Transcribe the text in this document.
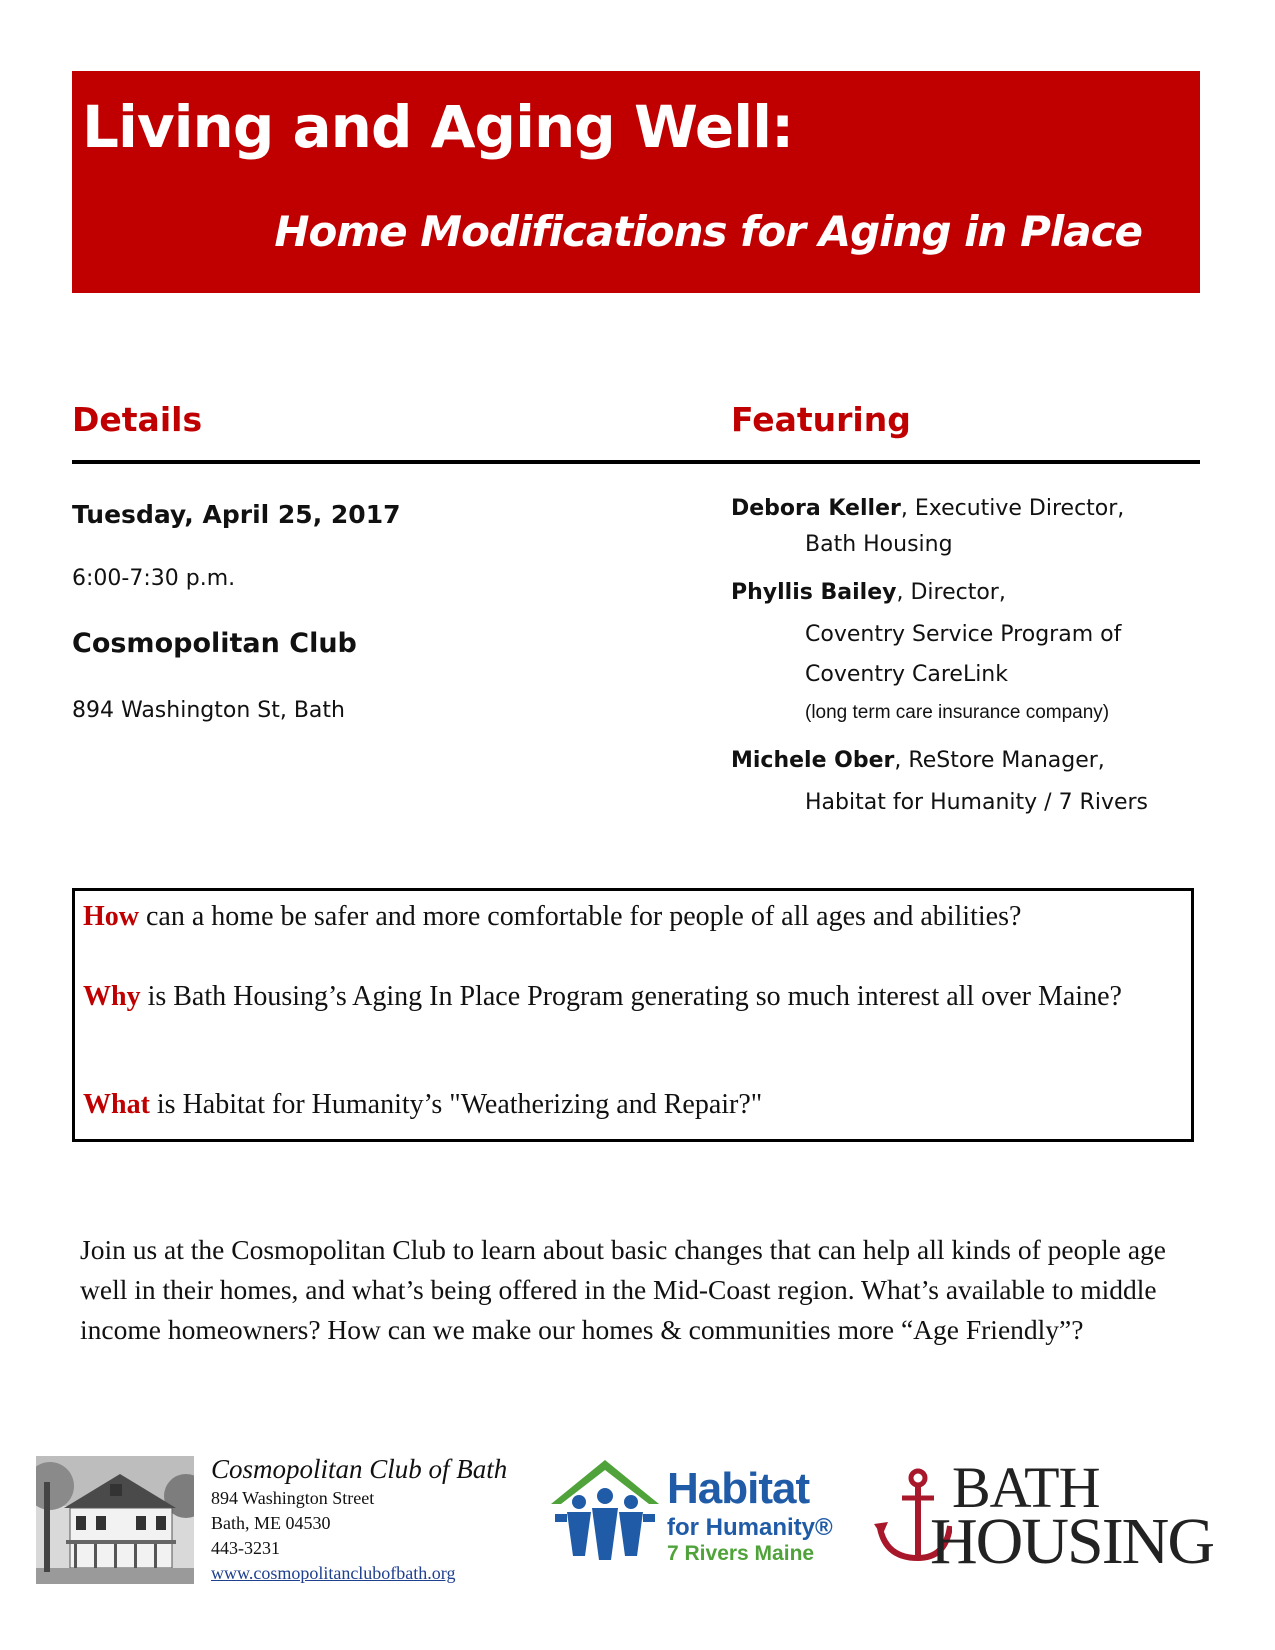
Living and Aging Well:
Home Modifications for Aging in Place
Details	Featuring
Tuesday, April 25, 2017
6:00-7:30 p.m.
Cosmopolitan Club
894 Washington St, Bath
Debora Keller, Executive Director,
Bath Housing
Phyllis Bailey, Director,
Coventry Service Program of
Coventry CareLink
(long term care insurance company)
Michele Ober, ReStore Manager,
Habitat for Humanity / 7 Rivers
How can a home be safer and more comfortable for people of all ages and abilities?
Why is Bath Housing’s Aging In Place Program generating so much interest all over Maine?
What is Habitat for Humanity’s "Weatherizing and Repair?"
Join us at the Cosmopolitan Club to learn about basic changes that can help all kinds of people age well in their homes, and what’s being offered in the Mid-Coast region. What’s available to middle income homeowners? How can we make our homes & communities more “Age Friendly”?
Cosmopolitan Club of Bath
894 Washington Street
Bath, ME 04530
443-3231
www.cosmopolitanclubofbath.org
Habitat
for Humanity®
7 Rivers Maine
BATH
HOUSING
